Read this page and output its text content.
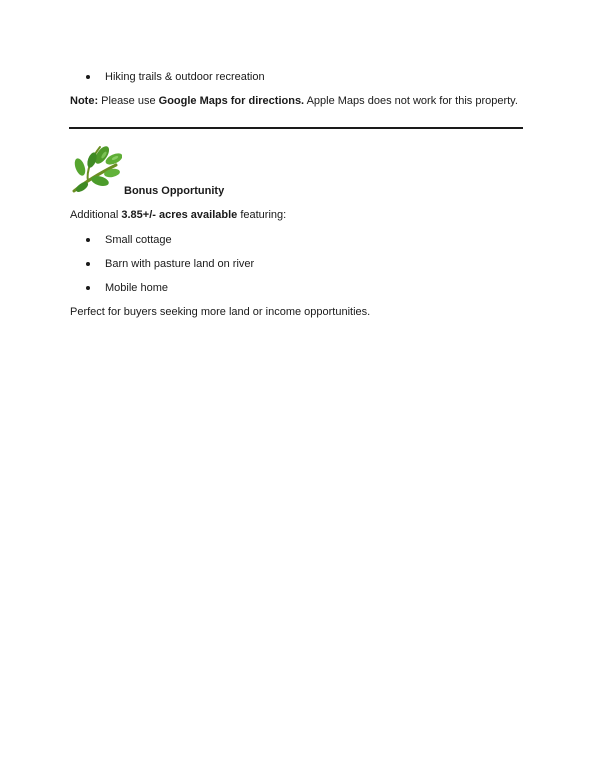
Hiking trails & outdoor recreation
Note: Please use Google Maps for directions. Apple Maps does not work for this property.
Bonus Opportunity
Additional 3.85+/- acres available featuring:
Small cottage
Barn with pasture land on river
Mobile home
Perfect for buyers seeking more land or income opportunities.
